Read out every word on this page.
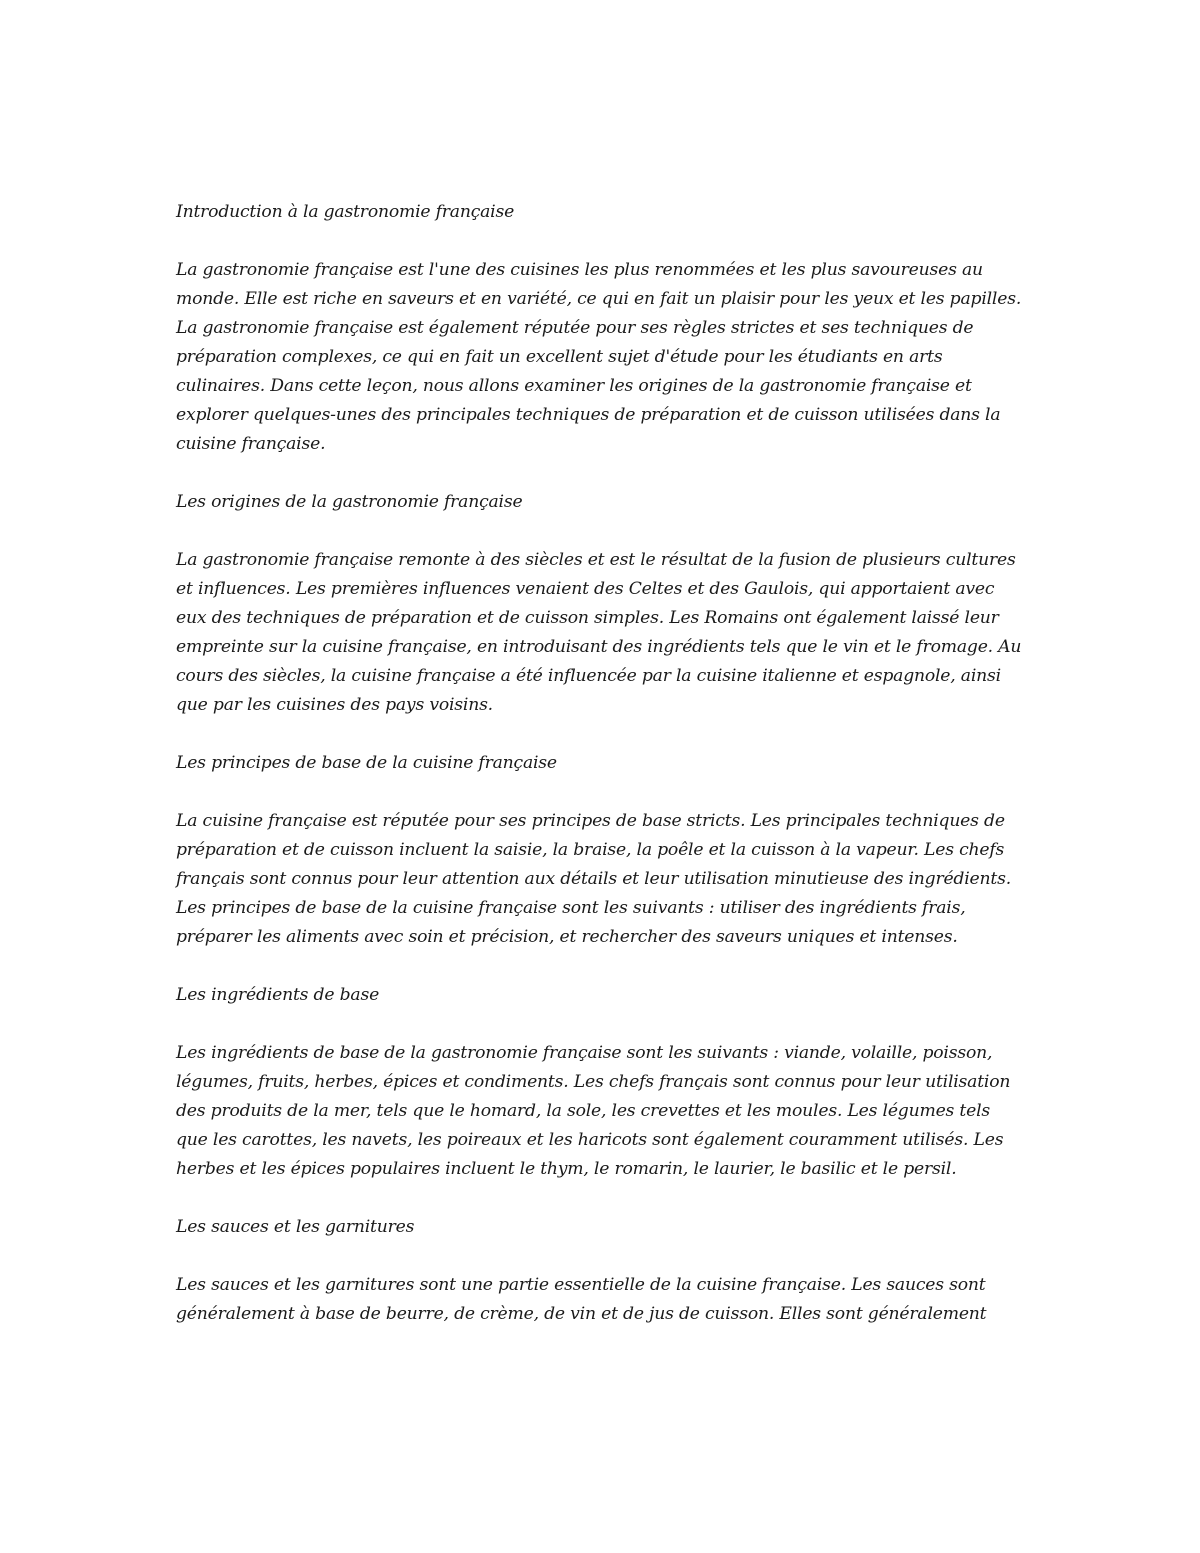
Introduction à la gastronomie française
La gastronomie française est l'une des cuisines les plus renommées et les plus savoureuses au monde. Elle est riche en saveurs et en variété, ce qui en fait un plaisir pour les yeux et les papilles. La gastronomie française est également réputée pour ses règles strictes et ses techniques de préparation complexes, ce qui en fait un excellent sujet d'étude pour les étudiants en arts culinaires. Dans cette leçon, nous allons examiner les origines de la gastronomie française et explorer quelques-unes des principales techniques de préparation et de cuisson utilisées dans la cuisine française.
Les origines de la gastronomie française
La gastronomie française remonte à des siècles et est le résultat de la fusion de plusieurs cultures et influences. Les premières influences venaient des Celtes et des Gaulois, qui apportaient avec eux des techniques de préparation et de cuisson simples. Les Romains ont également laissé leur empreinte sur la cuisine française, en introduisant des ingrédients tels que le vin et le fromage. Au cours des siècles, la cuisine française a été influencée par la cuisine italienne et espagnole, ainsi que par les cuisines des pays voisins.
Les principes de base de la cuisine française
La cuisine française est réputée pour ses principes de base stricts. Les principales techniques de préparation et de cuisson incluent la saisie, la braise, la poêle et la cuisson à la vapeur. Les chefs français sont connus pour leur attention aux détails et leur utilisation minutieuse des ingrédients. Les principes de base de la cuisine française sont les suivants : utiliser des ingrédients frais, préparer les aliments avec soin et précision, et rechercher des saveurs uniques et intenses.
Les ingrédients de base
Les ingrédients de base de la gastronomie française sont les suivants : viande, volaille, poisson, légumes, fruits, herbes, épices et condiments. Les chefs français sont connus pour leur utilisation des produits de la mer, tels que le homard, la sole, les crevettes et les moules. Les légumes tels que les carottes, les navets, les poireaux et les haricots sont également couramment utilisés. Les herbes et les épices populaires incluent le thym, le romarin, le laurier, le basilic et le persil.
Les sauces et les garnitures
Les sauces et les garnitures sont une partie essentielle de la cuisine française. Les sauces sont généralement à base de beurre, de crème, de vin et de jus de cuisson. Elles sont généralement
